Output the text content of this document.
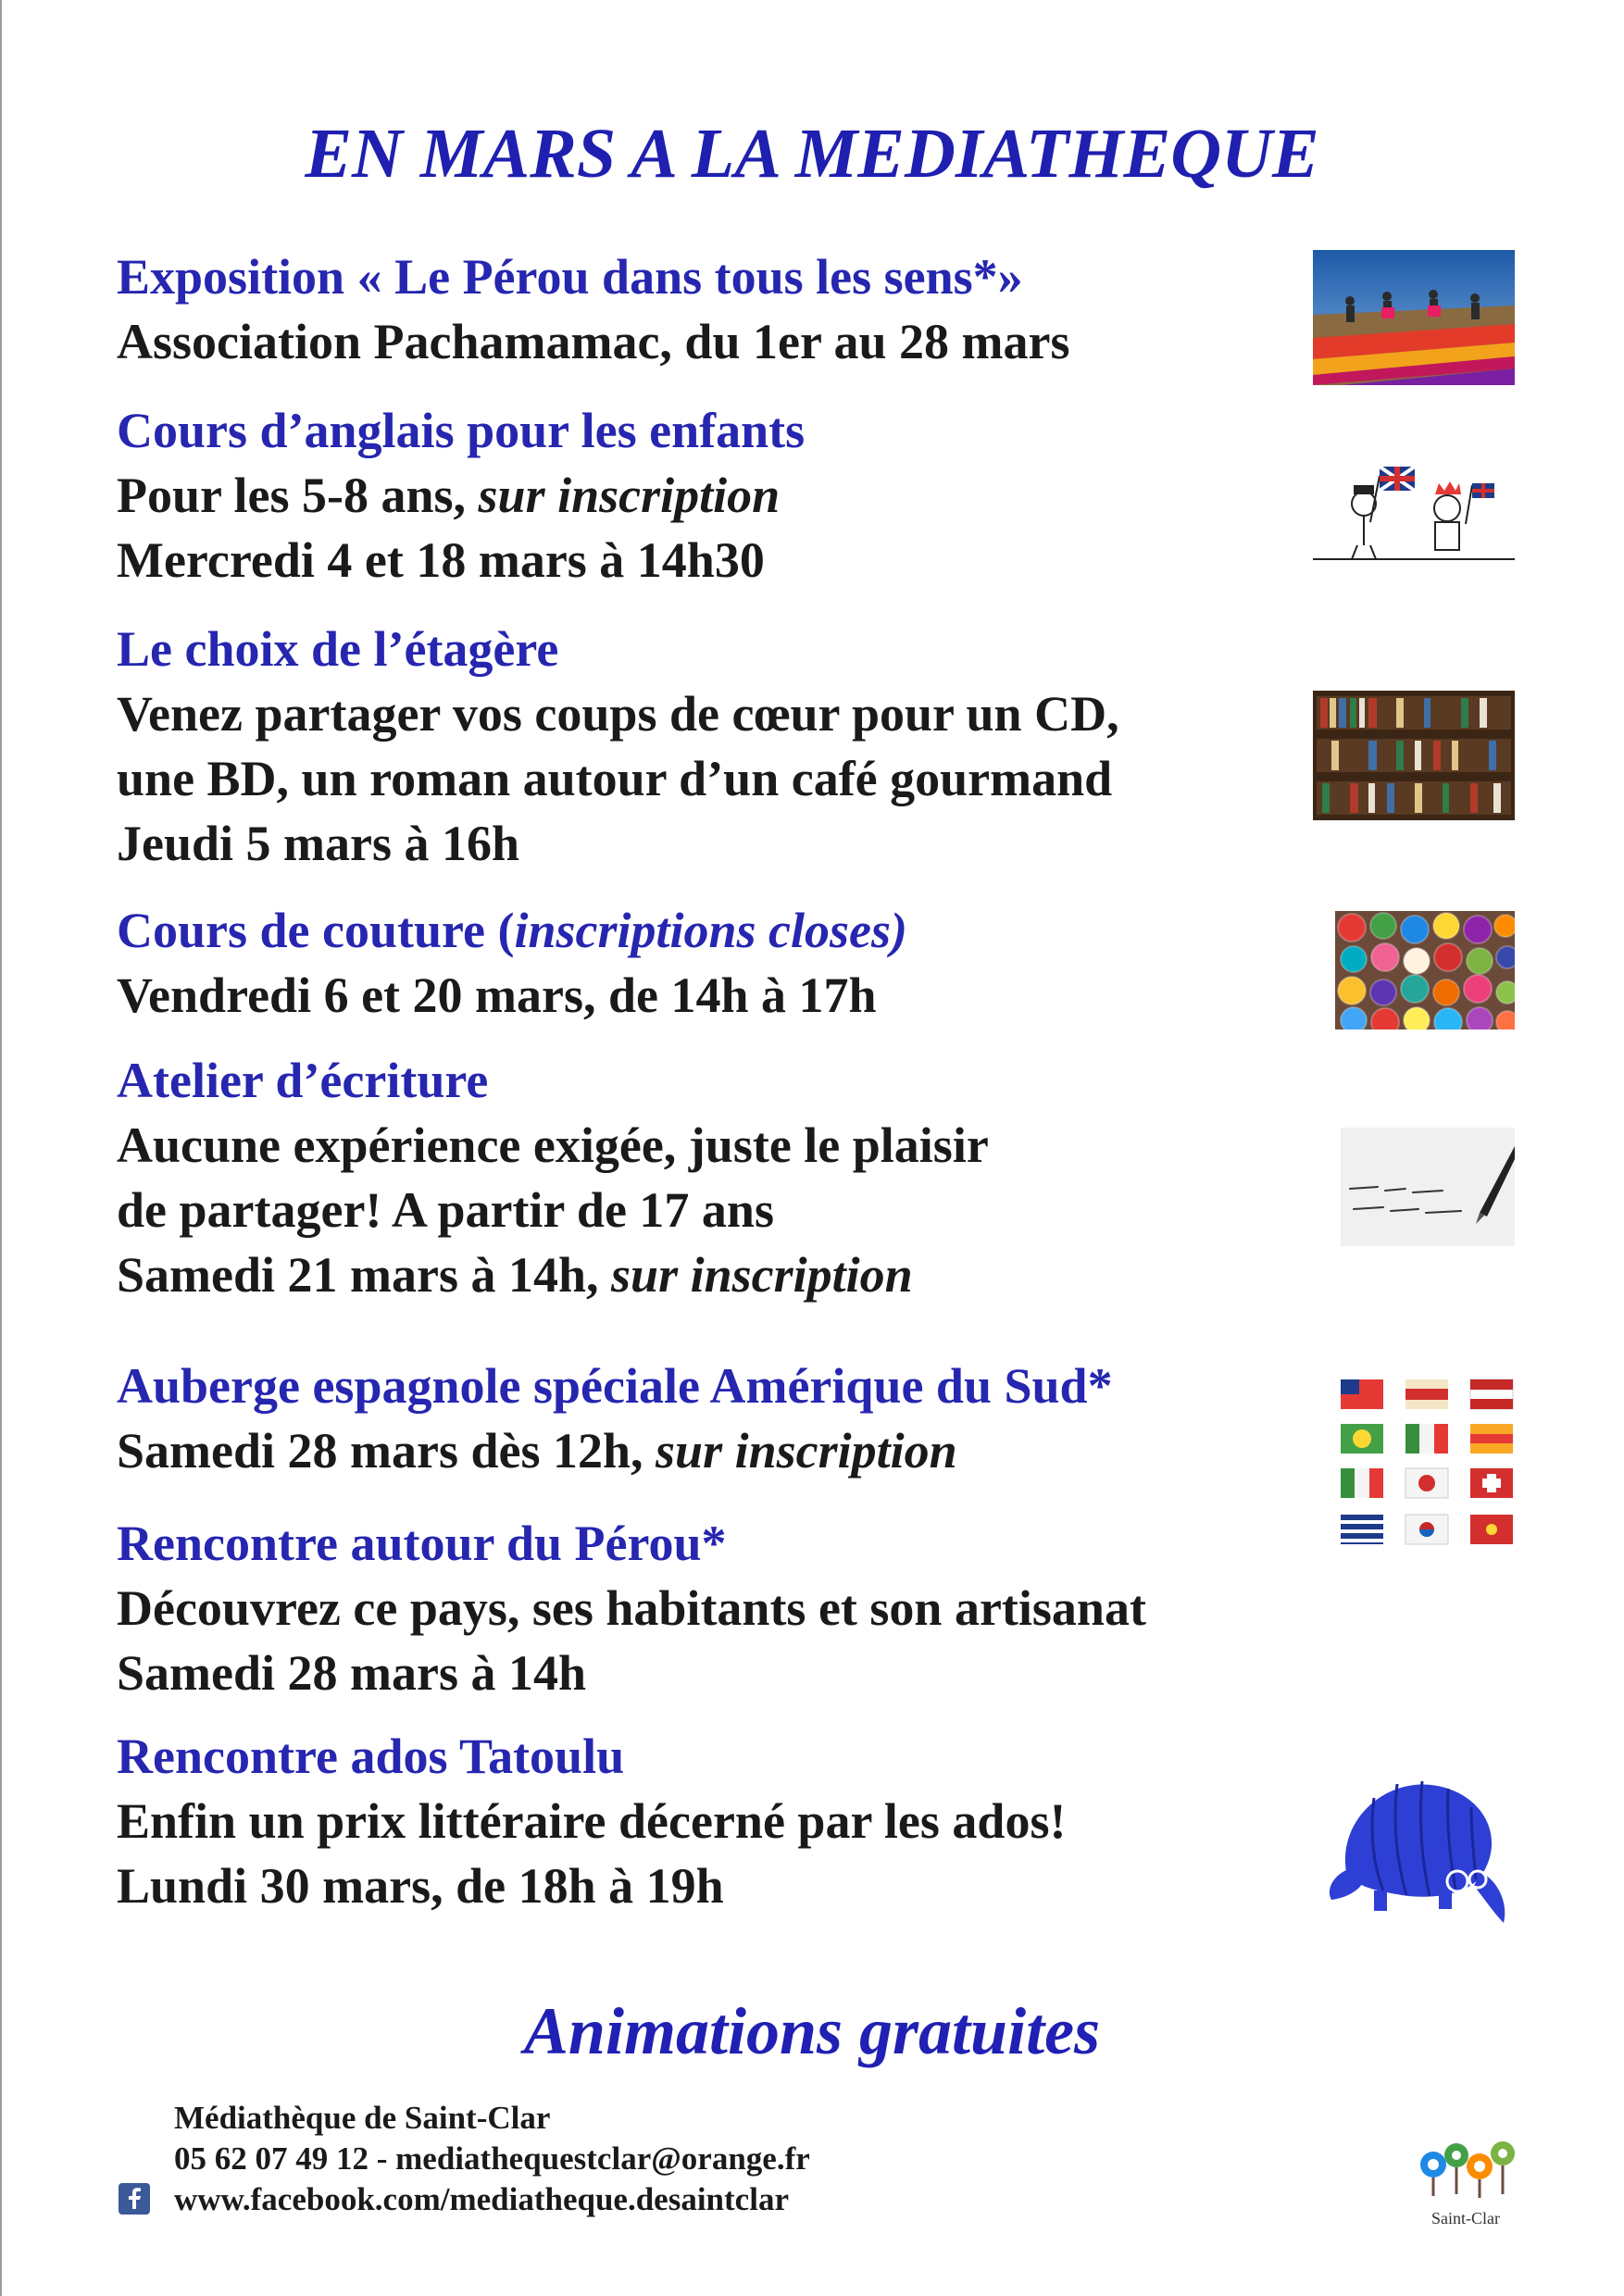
EN MARS A LA MEDIATHEQUE
Exposition « Le Pérou dans tous les sens*»
Association Pachamamac, du 1er au 28 mars
Cours d’anglais pour les enfants
Pour les 5-8 ans, sur inscription
Mercredi 4 et 18 mars à 14h30
Le choix de l’étagère
Venez partager vos coups de cœur pour un CD,
une BD, un roman autour d’un café gourmand
Jeudi 5 mars à 16h
Cours de couture (inscriptions closes)
Vendredi 6 et 20 mars, de 14h à 17h
Atelier d’écriture
Aucune expérience exigée, juste le plaisir
de partager! A partir de 17 ans
Samedi 21 mars à 14h, sur inscription
Auberge espagnole spéciale Amérique du Sud*
Samedi 28 mars dès 12h, sur inscription
Rencontre autour du Pérou*
Découvrez ce pays, ses habitants et son artisanat
Samedi 28 mars à 14h
Rencontre ados Tatoulu
Enfin un prix littéraire décerné par les ados!
Lundi 30 mars, de 18h à 19h
Animations gratuites
Médiathèque de Saint-Clar
05 62 07 49 12 - mediathequestclar@orange.fr
www.facebook.com/mediatheque.desaintclar
Saint-Clar
